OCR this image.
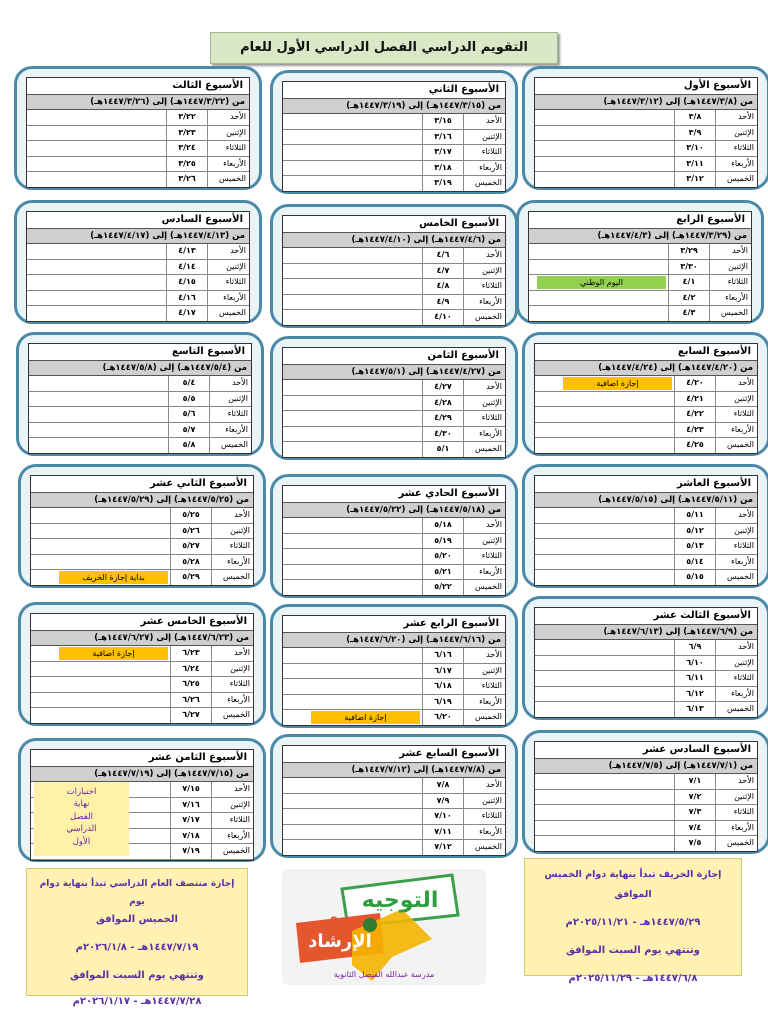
التقويم الدراسي الفصل الدراسي الأول للعام
الأسبوع الأول
من (١٤٤٧/٣/٨هـ) إلى (١٤٤٧/٣/١٢هـ)
الأحد
٣/٨
الإثنين
٣/٩
الثلاثاء
٣/١٠
الأربعاء
٣/١١
الخميس
٣/١٢
الأسبوع الثاني
من (١٤٤٧/٣/١٥هـ) إلى (١٤٤٧/٣/١٩هـ)
الأحد
٣/١٥
الإثنين
٣/١٦
الثلاثاء
٣/١٧
الأربعاء
٣/١٨
الخميس
٣/١٩
الأسبوع الثالث
من (١٤٤٧/٣/٢٢هـ) إلى (١٤٤٧/٣/٢٦هـ)
الأحد
٣/٢٢
الإثنين
٣/٢٣
الثلاثاء
٣/٢٤
الأربعاء
٣/٢٥
الخميس
٣/٢٦
الأسبوع الرابع
من (١٤٤٧/٣/٢٩هـ) إلى (١٤٤٧/٤/٣هـ)
الأحد
٣/٢٩
الإثنين
٣/٣٠
الثلاثاء
٤/١
اليوم الوطني
الأربعاء
٤/٢
الخميس
٤/٣
الأسبوع الخامس
من (١٤٤٧/٤/٦هـ) إلى (١٤٤٧/٤/١٠هـ)
الأحد
٤/٦
الإثنين
٤/٧
الثلاثاء
٤/٨
الأربعاء
٤/٩
الخميس
٤/١٠
الأسبوع السادس
من (١٤٤٧/٤/١٣هـ) إلى (١٤٤٧/٤/١٧هـ)
الأحد
٤/١٣
الإثنين
٤/١٤
الثلاثاء
٤/١٥
الأربعاء
٤/١٦
الخميس
٤/١٧
الأسبوع السابع
من (١٤٤٧/٤/٢٠هـ) إلى (١٤٤٧/٤/٢٤هـ)
الأحد
٤/٢٠
إجازة اضافية
الإثنين
٤/٢١
الثلاثاء
٤/٢٢
الأربعاء
٤/٢٣
الخميس
٤/٢٥
الأسبوع الثامن
من (١٤٤٧/٤/٢٧هـ) إلى (١٤٤٧/٥/١هـ)
الأحد
٤/٢٧
الإثنين
٤/٢٨
الثلاثاء
٤/٢٩
الأربعاء
٤/٣٠
الخميس
٥/١
الأسبوع التاسع
من (١٤٤٧/٥/٤هـ) إلى (١٤٤٧/٥/٨هـ)
الأحد
٥/٤
الإثنين
٥/٥
الثلاثاء
٥/٦
الأربعاء
٥/٧
الخميس
٥/٨
الأسبوع العاشر
من (١٤٤٧/٥/١١هـ) إلى (١٤٤٧/٥/١٥هـ)
الأحد
٥/١١
الإثنين
٥/١٢
الثلاثاء
٥/١٣
الأربعاء
٥/١٤
الخميس
٥/١٥
الأسبوع الحادي عشر
من (١٤٤٧/٥/١٨هـ) إلى (١٤٤٧/٥/٢٢هـ)
الأحد
٥/١٨
الإثنين
٥/١٩
الثلاثاء
٥/٢٠
الأربعاء
٥/٢١
الخميس
٥/٢٢
الأسبوع الثاني عشر
من (١٤٤٧/٥/٢٥هـ) إلى (١٤٤٧/٥/٢٩هـ)
الأحد
٥/٢٥
الإثنين
٥/٢٦
الثلاثاء
٥/٢٧
الأربعاء
٥/٢٨
الخميس
٥/٢٩
بداية إجازة الخريف
الأسبوع الثالث عشر
من (١٤٤٧/٦/٩هـ) إلى (١٤٤٧/٦/١٣هـ)
الأحد
٦/٩
الإثنين
٦/١٠
الثلاثاء
٦/١١
الأربعاء
٦/١٢
الخميس
٦/١٣
الأسبوع الرابع عشر
من (١٤٤٧/٦/١٦هـ) إلى (١٤٤٧/٦/٢٠هـ)
الأحد
٦/١٦
الإثنين
٦/١٧
الثلاثاء
٦/١٨
الأربعاء
٦/١٩
الخميس
٦/٢٠
إجازة اضافية
الأسبوع الخامس عشر
من (١٤٤٧/٦/٢٣هـ) إلى (١٤٤٧/٦/٢٧هـ)
الأحد
٦/٢٣
إجازة اضافية
الإثنين
٦/٢٤
الثلاثاء
٦/٢٥
الأربعاء
٦/٢٦
الخميس
٦/٢٧
الأسبوع السادس عشر
من (١٤٤٧/٧/١هـ) إلى (١٤٤٧/٧/٥هـ)
الأحد
٧/١
الإثنين
٧/٢
الثلاثاء
٧/٣
الأربعاء
٧/٤
الخميس
٧/٥
الأسبوع السابع عشر
من (١٤٤٧/٧/٨هـ) إلى (١٤٤٧/٧/١٢هـ)
الأحد
٧/٨
الإثنين
٧/٩
الثلاثاء
٧/١٠
الأربعاء
٧/١١
الخميس
٧/١٢
الأسبوع الثامن عشر
من (١٤٤٧/٧/١٥هـ) إلى (١٤٤٧/٧/١٩هـ)
الأحد
٧/١٥
الإثنين
٧/١٦
الثلاثاء
٧/١٧
الأربعاء
٧/١٨
الخميس
٧/١٩
اختبارات
نهاية
الفصل
الدراسي
الأول
إجازة الخريف تبدأ بنهاية دوام الخميس الموافق
١٤٤٧/٥/٢٩هـ - ٢٠٢٥/١١/٢١م
وتنتهي يوم السبت الموافق
١٤٤٧/٦/٨هـ - ٢٠٢٥/١١/٢٩م
إجازة منتصف العام الدراسي تبدأ بنهاية دوام يوم
الخميس الموافق
١٤٤٧/٧/١٩هـ - ٢٠٢٦/١/٨م
وتنتهي يوم السبت الموافق
١٤٤٧/٧/٢٨هـ - ٢٠٢٦/١/١٧م
التوجيه
و
الإرشاد
مدرسة عبدالله الفيصل الثانوية
